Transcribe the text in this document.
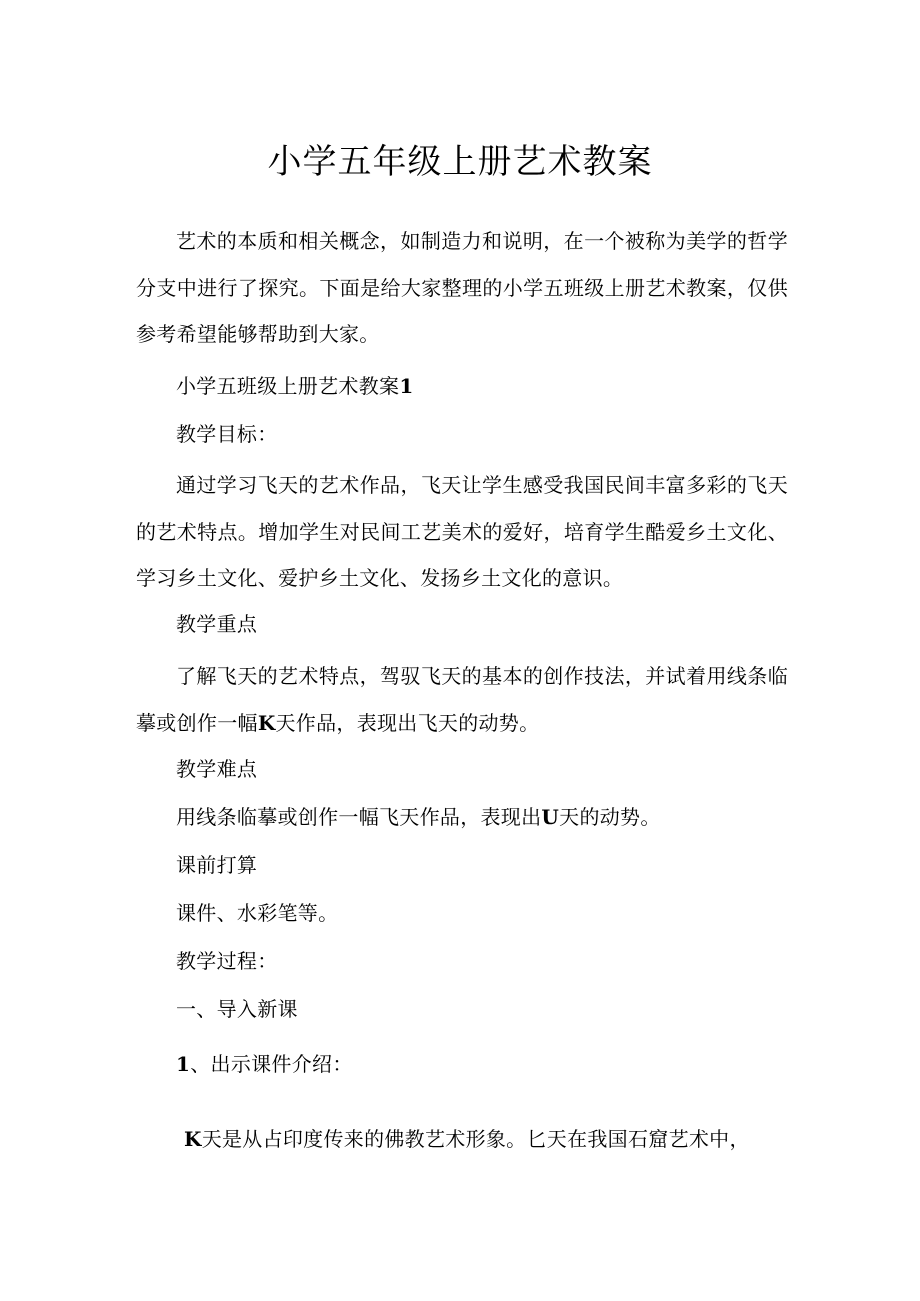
小学五年级上册艺术教案

艺术的本质和相关概念，如制造力和说明，在一个被称为美学的哲学分支中进行了探究。下面是给大家整理的小学五班级上册艺术教案，仅供参考希望能够帮助到大家。

小学五班级上册艺术教案1
教学目标：

通过学习飞天的艺术作品，飞天让学生感受我国民间丰富多彩的飞天的艺术特点。增加学生对民间工艺美术的爱好，培育学生酷爱乡土文化、学习乡土文化、爱护乡土文化、发扬乡土文化的意识。

教学重点

了解飞天的艺术特点，驾驭飞天的基本的创作技法，并试着用线条临摹或创作一幅K天作品，表现出飞天的动势。

教学难点
用线条临摹或创作一幅飞天作品，表现出U天的动势。
课前打算
课件、水彩笔等。
教学过程：
一、导入新课
1、出示课件介绍：
K天是从占印度传来的佛教艺术形象。匕天在我国石窟艺术中，
